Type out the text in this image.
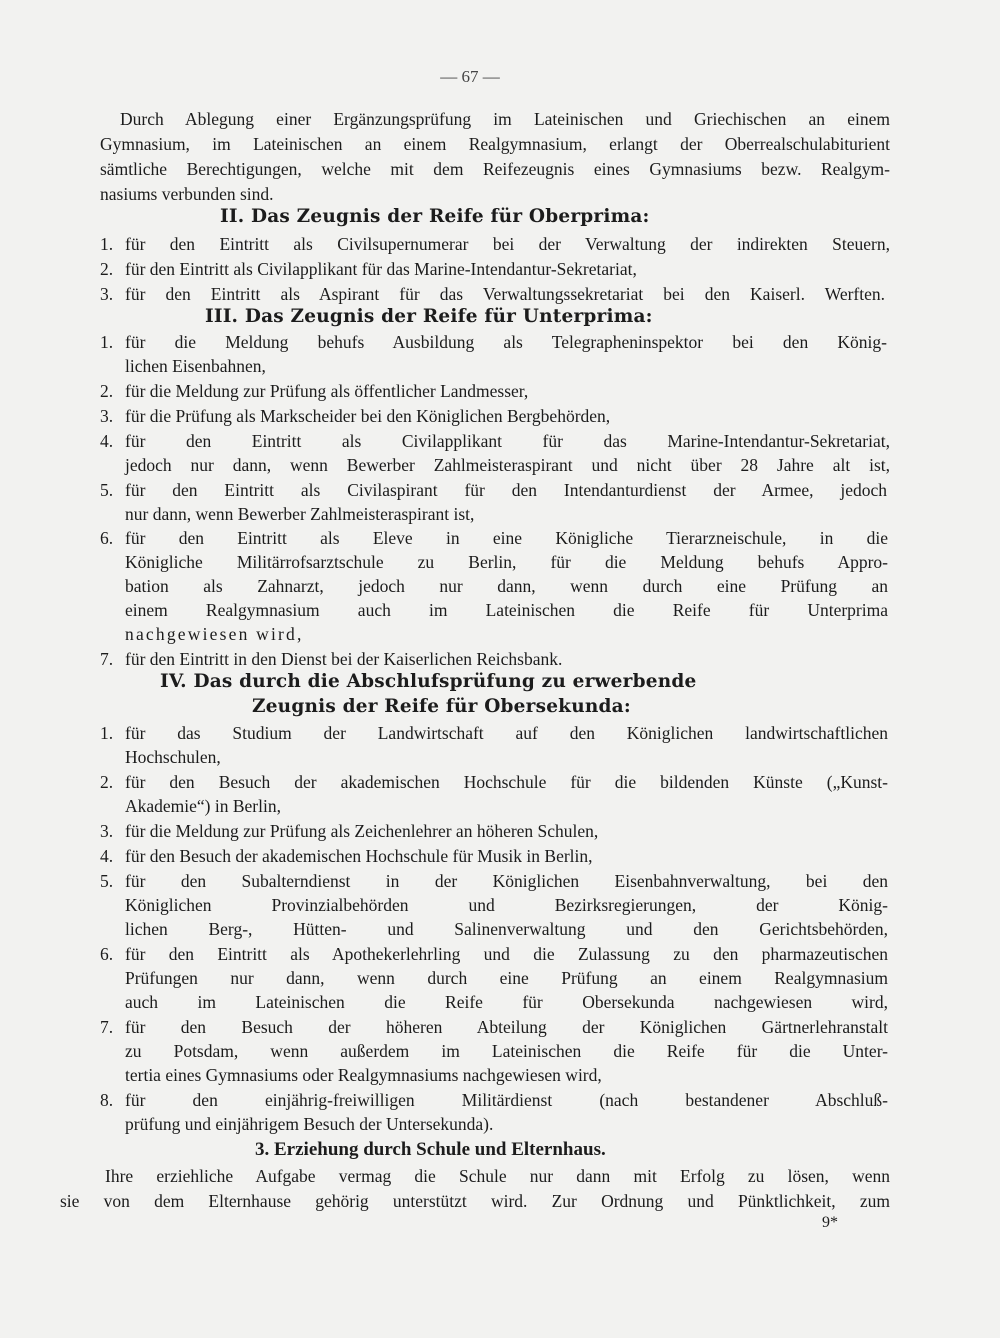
— 67 —
Durch Ablegung einer Ergänzungsprüfung im Lateinischen und Griechischen an einem
Gymnasium, im Lateinischen an einem Realgymnasium, erlangt der Oberrealschulabiturient
sämtliche Berechtigungen, welche mit dem Reifezeugnis eines Gymnasiums bezw. Realgym-
nasiums verbunden sind.
II. Das Zeugnis der Reife für Oberprima:
1. für den Eintritt als Civilsupernumerar bei der Verwaltung der indirekten Steuern,
2. für den Eintritt als Civilapplikant für das Marine-Intendantur-Sekretariat,
3. für den Eintritt als Aspirant für das Verwaltungssekretariat bei den Kaiserl. Werften.
III. Das Zeugnis der Reife für Unterprima:
1. für die Meldung behufs Ausbildung als Telegrapheninspektor bei den König-
lichen Eisenbahnen,
2. für die Meldung zur Prüfung als öffentlicher Landmesser,
3. für die Prüfung als Markscheider bei den Königlichen Bergbehörden,
4. für den Eintritt als Civilapplikant für das Marine-Intendantur-Sekretariat,
jedoch nur dann, wenn Bewerber Zahlmeisteraspirant und nicht über 28 Jahre alt ist,
5. für den Eintritt als Civilaspirant für den Intendanturdienst der Armee, jedoch
nur dann, wenn Bewerber Zahlmeisteraspirant ist,
6. für den Eintritt als Eleve in eine Königliche Tierarzneischule, in die
Königliche Militärrofsarztschule zu Berlin, für die Meldung behufs Appro-
bation als Zahnarzt, jedoch nur dann, wenn durch eine Prüfung an
einem Realgymnasium auch im Lateinischen die Reife für Unterprima
nachgewiesen wird,
7. für den Eintritt in den Dienst bei der Kaiserlichen Reichsbank.
IV. Das durch die Abschlufsprüfung zu erwerbende
Zeugnis der Reife für Obersekunda:
1. für das Studium der Landwirtschaft auf den Königlichen landwirtschaftlichen
Hochschulen,
2. für den Besuch der akademischen Hochschule für die bildenden Künste („Kunst-
Akademie“) in Berlin,
3. für die Meldung zur Prüfung als Zeichenlehrer an höheren Schulen,
4. für den Besuch der akademischen Hochschule für Musik in Berlin,
5. für den Subalterndienst in der Königlichen Eisenbahnverwaltung, bei den
Königlichen Provinzialbehörden und Bezirksregierungen, der König-
lichen Berg-, Hütten- und Salinenverwaltung und den Gerichtsbehörden,
6. für den Eintritt als Apothekerlehrling und die Zulassung zu den pharmazeutischen
Prüfungen nur dann, wenn durch eine Prüfung an einem Realgymnasium
auch im Lateinischen die Reife für Obersekunda nachgewiesen wird,
7. für den Besuch der höheren Abteilung der Königlichen Gärtnerlehranstalt
zu Potsdam, wenn außerdem im Lateinischen die Reife für die Unter-
tertia eines Gymnasiums oder Realgymnasiums nachgewiesen wird,
8. für den einjährig-freiwilligen Militärdienst (nach bestandener Abschluß-
prüfung und einjährigem Besuch der Untersekunda).
3. Erziehung durch Schule und Elternhaus.
Ihre erziehliche Aufgabe vermag die Schule nur dann mit Erfolg zu lösen, wenn
sie von dem Elternhause gehörig unterstützt wird. Zur Ordnung und Pünktlichkeit, zum
9*
